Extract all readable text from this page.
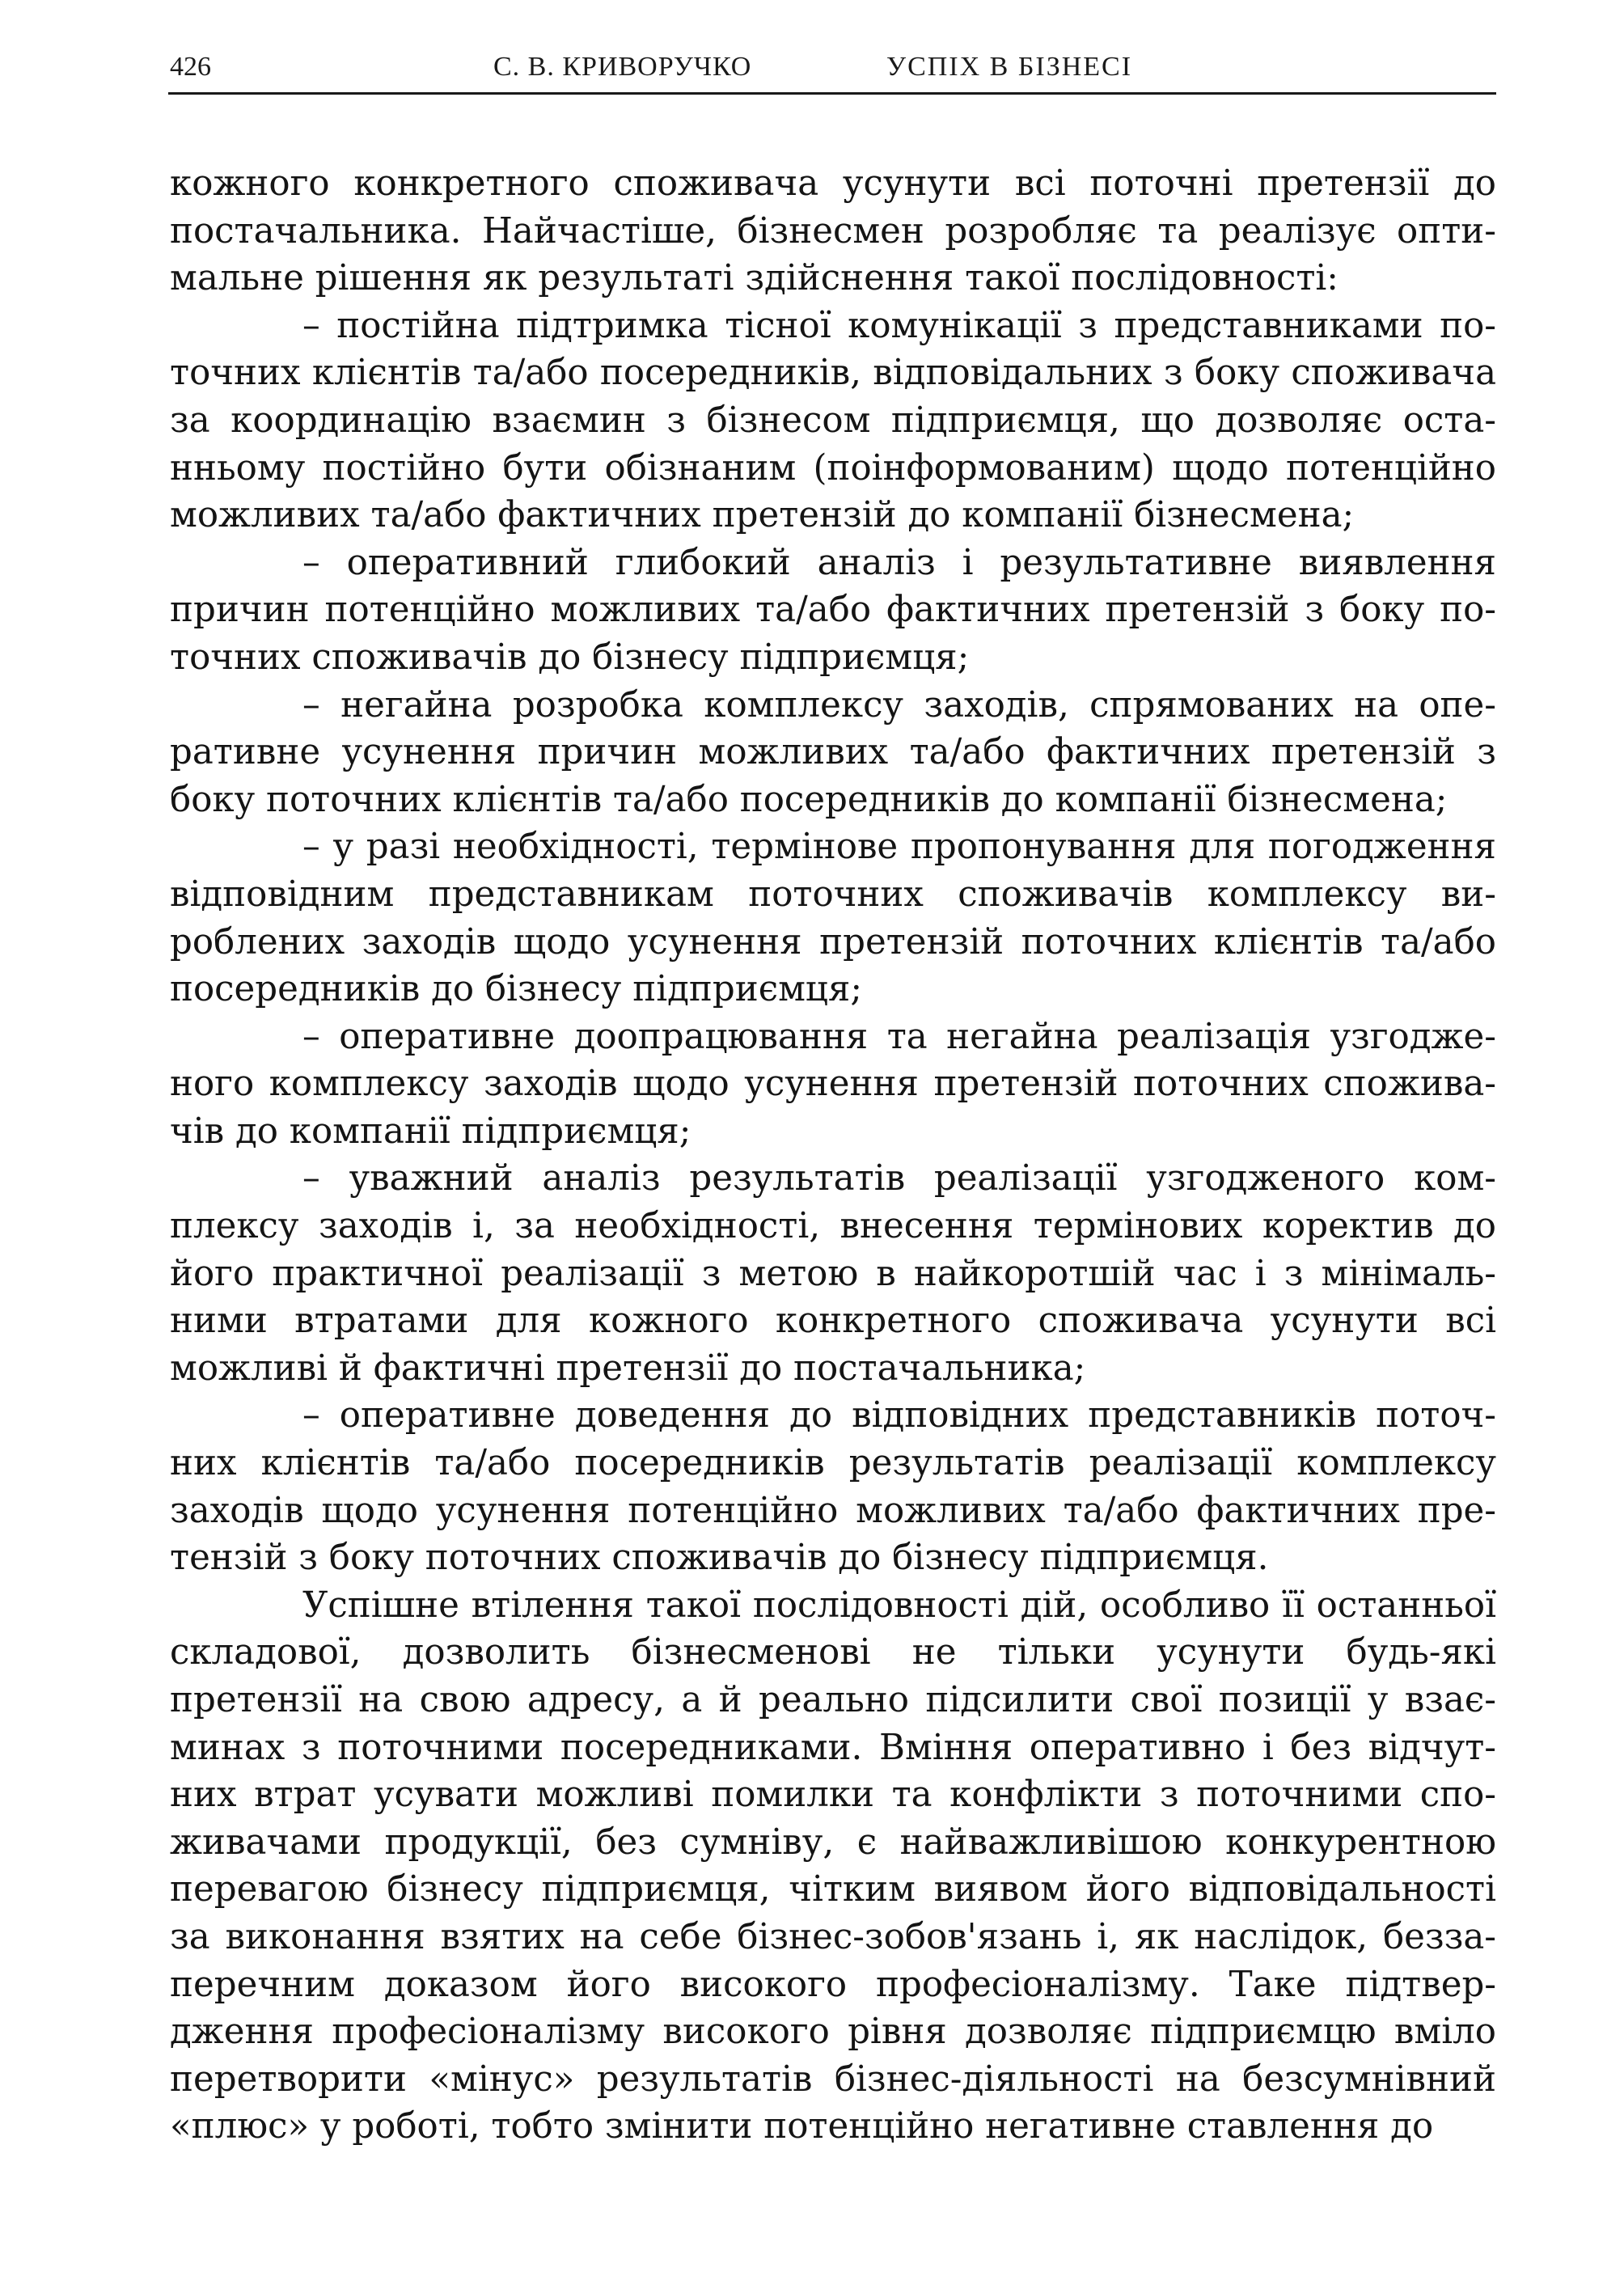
426	С. В. КРИВОРУЧКО	УСПІХ В БІЗНЕСІ

кожного конкретного споживача усунути всі поточні претензії до постачальника. Найчастіше, бізнесмен розробляє та реалізує оптимальне рішення як результаті здійснення такої послідовності:

– постійна підтримка тісної комунікації з представниками поточних клієнтів та/або посередників, відповідальних з боку споживача за координацію взаємин з бізнесом підприємця, що дозволяє останньому постійно бути обізнаним (поінформованим) щодо потенційно можливих та/або фактичних претензій до компанії бізнесмена;

– оперативний глибокий аналіз і результативне виявлення причин потенційно можливих та/або фактичних претензій з боку поточних споживачів до бізнесу підприємця;

– негайна розробка комплексу заходів, спрямованих на оперативне усунення причин можливих та/або фактичних претензій з боку поточних клієнтів та/або посередників до компанії бізнесмена;

– у разі необхідності, термінове пропонування для погодження відповідним представникам поточних споживачів комплексу вироблених заходів щодо усунення претензій поточних клієнтів та/або посередників до бізнесу підприємця;

– оперативне доопрацювання та негайна реалізація узгодженого комплексу заходів щодо усунення претензій поточних споживачів до компанії підприємця;

– уважний аналіз результатів реалізації узгодженого комплексу заходів і, за необхідності, внесення термінових коректив до його практичної реалізації з метою в найкоротшій час і з мінімальними втратами для кожного конкретного споживача усунути всі можливі й фактичні претензії до постачальника;

– оперативне доведення до відповідних представників поточних клієнтів та/або посередників результатів реалізації комплексу заходів щодо усунення потенційно можливих та/або фактичних претензій з боку поточних споживачів до бізнесу підприємця.

Успішне втілення такої послідовності дій, особливо її останньої складової, дозволить бізнесменові не тільки усунути будь-які претензії на свою адресу, а й реально підсилити свої позиції у взаєминах з поточними посередниками. Вміння оперативно і без відчутних втрат усувати можливі помилки та конфлікти з поточними споживачами продукції, без сумніву, є найважливішою конкурентною перевагою бізнесу підприємця, чітким виявом його відповідальності за виконання взятих на себе бізнес-зобов'язань і, як наслідок, беззаперечним доказом його високого професіоналізму. Таке підтвердження професіоналізму високого рівня дозволяє підприємцю вміло перетворити «мінус» результатів бізнес-діяльності на безсумнівний «плюс» у роботі, тобто змінити потенційно негативне ставлення до
